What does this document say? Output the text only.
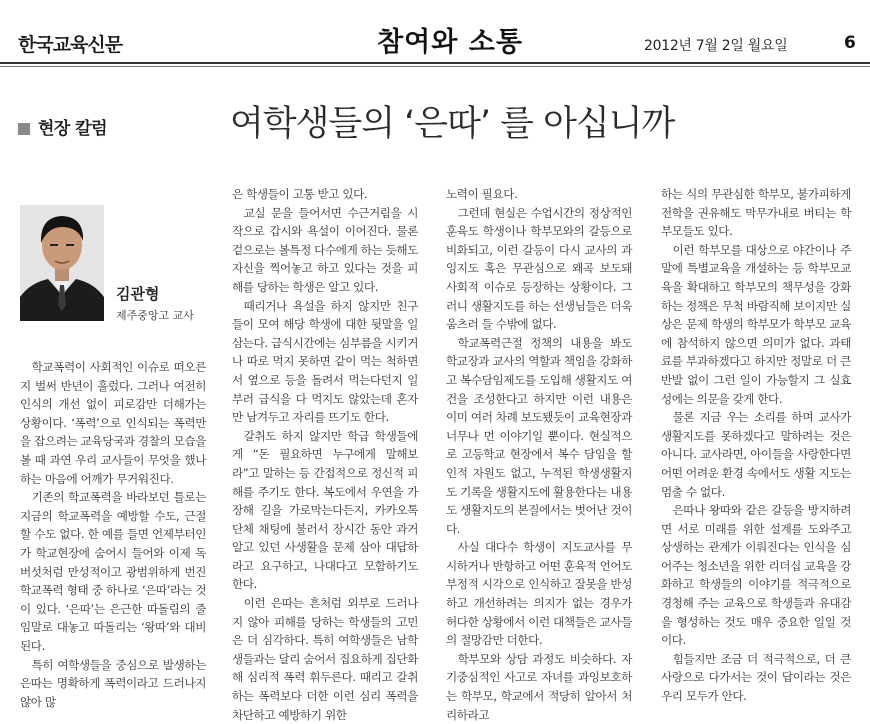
한국교육신문	참여와 소통	2012년 7월 2일 월요일	6
현장 칼럼	여학생들의 ‘은따’ 를 아십니까
김관형
제주중앙고 교사

학교폭력이 사회적인 이슈로 떠오른 지 벌써 반년이 흘렀다. 그러나 여전히 인식의 개선 없이 피로감만 더해가는 상황이다. ‘폭력’으로 인식되는 폭력만을 잡으려는 교육당국과 경찰의 모습을 볼 때 과연 우리 교사들이 무엇을 했나 하는 마음에 어깨가 무거워진다.

기존의 학교폭력을 바라보던 틀로는 지금의 학교폭력을 예방할 수도, 근절할 수도 없다. 한 예를 들면 언제부터인가 학교현장에 숨어시 들어와 이제 독버섯처럼 만성적이고 광범위하게 번진 학교폭력 형태 중 하나로 ‘은따’라는 것이 있다. ‘은따’는 은근한 따돌림의 줄임말로 대놓고 따돌리는 ‘왕따’와 대비된다.

특히 여학생들을 중심으로 발생하는 은따는 명확하게 폭력이라고 드러나지 않아 많

은 학생들이 고통 받고 있다.

교실 문을 들어서면 수근거림을 시작으로 갑시와 욕설이 이어진다. 물론 겉으로는 볼특정 다수에게 하는 듯해도 자신을 찍어놓고 하고 있다는 것을 피해를 당하는 학생은 알고 있다.

때리거나 욕설을 하지 않지만 친구들이 모여 해당 학생에 대한 뒷말을 일삼는다. 급식시간에는 심부름을 시키거나 따로 먹지 못하면 같이 먹는 척하면서 옆으로 등을 돌려서 먹는다던지 일부러 급식을 다 먹지도 않았는데 혼자만 남겨두고 자리를 뜨기도 한다.

갈취도 하지 않지만 학급 학생들에게 “돈 필요하면 누구에게 말해보라”고 말하는 등 간접적으로 정신적 피해를 주기도 한다. 복도에서 우연을 가장해 길을 가로막는다든지, 카카오톡 단체 채팅에 불러서 장시간 동안 과거 알고 있던 사생활을 문제 삼아 대답하라고 요구하고, 나대다고 모함하기도 한다.

이런 은따는 흔처럼 외부로 드러나지 않아 피해를 당하는 학생들의 고민은 더 심각하다. 특히 여학생들은 남학생들과는 달리 숨어서 집요하게 집단화해 심리적 폭력 휘두른다. 때리고 갈취하는 폭력보다 더한 이런 심리 폭력을 차단하고 예방하기 위한

노력이 필요다.

그런데 현실은 수업시간의 정상적인 훈육도 학생이나 학부모와의 갈등으로 비화되고, 이런 갈등이 다시 교사의 과잉지도 혹은 무관심으로 왜곡 보도돼 사회적 이슈로 등장하는 상황이다. 그러니 생활지도를 하는 선생님들은 더욱 움츠러 들 수밖에 없다.

학교폭력근절 정책의 내용을 봐도 학교장과 교사의 역할과 책임을 강화하고 복수담임제도를 도입해 생활지도 여건을 조성한다고 하지만 이런 내용은 이미 여러 차례 보도됐듯이 교육현장과 너무나 먼 이야기일 뿐이다. 현실적으로 고등학교 현장에서 복수 담임을 할 인적 자원도 없고, 누적된 학생생활지도 기록을 생활지도에 활용한다는 내용도 생활지도의 본질에서는 벗어난 것이다.

사실 대다수 학생이 지도교사를 무시하거나 반항하고 어떤 훈육적 언어도 부정적 시각으로 인식하고 잘못을 반성하고 개선하려는 의지가 없는 경우가 허다한 상황에서 이런 대책들은 교사들의 절망감만 더한다.

학부모와 상담 과정도 비슷하다. 자기중심적인 사고로 자녀를 과잉보호하는 학부모, 학교에서 적당히 알아서 처리하라고

하는 식의 무관심한 학부모, 불가피하게 전학을 권유해도 막무가내로 버티는 학부모들도 있다.

이런 학부모를 대상으로 야간이나 주말에 특별교육을 개설하는 등 학부모교육을 확대하고 학부모의 책무성을 강화하는 정책은 무척 바람직해 보이지만 실상은 문제 학생의 학부모가 학부모 교육에 참석하지 않으면 의미가 없다. 과태료를 부과하겠다고 하지만 정말로 더 큰 반발 없이 그런 일이 가능할지 그 실효성에는 의문을 갖게 한다.

물론 지금 우는 소리를 하며 교사가 생활지도를 못하겠다고 말하려는 것은 아니다. 교사라면, 아이들을 사랑한다면 어떤 어려운 환경 속에서도 생활 지도는 멈출 수 없다.

은따나 왕따와 같은 갈등을 방지하려면 서로 미래를 위한 설계를 도와주고 상생하는 관계가 이뤄진다는 인식을 심어주는 청소년을 위한 리더십 교육을 강화하고 학생들의 이야기를 적극적으로 경청해 주는 교육으로 학생들과 유대감을 형성하는 것도 매우 중요한 일일 것이다.

힘들지만 조금 더 적극적으로, 더 큰 사랑으로 다가서는 것이 답이라는 것은 우리 모두가 안다.
